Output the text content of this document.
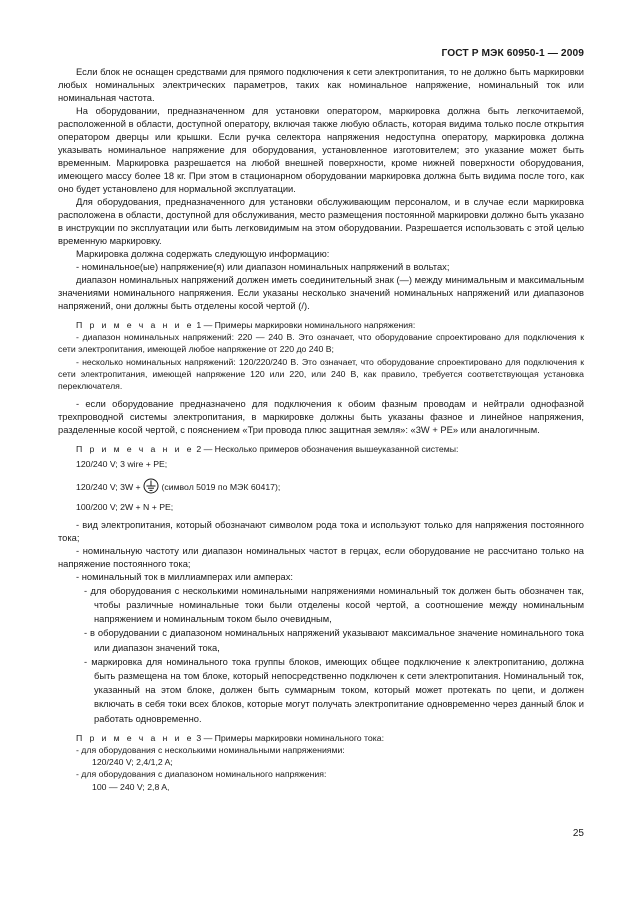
ГОСТ Р МЭК 60950-1 — 2009

Если блок не оснащен средствами для прямого подключения к сети электропитания, то не должно быть маркировки любых номинальных электрических параметров, таких как номинальное напряжение, номинальный ток или номинальная частота.

На оборудовании, предназначенном для установки оператором, маркировка должна быть легкочитаемой, расположенной в области, доступной оператору, включая также любую область, которая видима только после открытия оператором дверцы или крышки. Если ручка селектора напряжения недоступна оператору, маркировка должна указывать номинальное напряжение для оборудования, установленное изготовителем; это указание может быть временным. Маркировка разрешается на любой внешней поверхности, кроме нижней поверхности оборудования, имеющего массу более 18 кг. При этом в стационарном оборудовании маркировка должна быть видима после того, как оно будет установлено для нормальной эксплуатации.

Для оборудования, предназначенного для установки обслуживающим персоналом, и в случае если маркировка расположена в области, доступной для обслуживания, место размещения постоянной маркировки должно быть указано в инструкции по эксплуатации или быть легковидимым на этом оборудовании. Разрешается использовать с этой целью временную маркировку.

Маркировка должна содержать следующую информацию:

- номинальное(ые) напряжение(я) или диапазон номинальных напряжений в вольтах;

диапазон номинальных напряжений должен иметь соединительный знак (—) между минимальным и максимальным значениями номинального напряжения. Если указаны несколько значений номинальных напряжений или диапазонов напряжений, они должны быть отделены косой чертой (/).

П р и м е ч а н и е 1 — Примеры маркировки номинального напряжения:

- диапазон номинальных напряжений: 220 — 240 В. Это означает, что оборудование спроектировано для подключения к сети электропитания, имеющей любое напряжение от 220 до 240 В;

- несколько номинальных напряжений: 120/220/240 В. Это означает, что оборудование спроектировано для подключения к сети электропитания, имеющей напряжение 120 или 220, или 240 В, как правило, требуется соответствующая установка переключателя.

- если оборудование предназначено для подключения к обоим фазным проводам и нейтрали однофазной трехпроводной системы электропитания, в маркировке должны быть указаны фазное и линейное напряжения, разделенные косой чертой, с пояснением «Три провода плюс защитная земля»: «3W + PE» или аналогичным.

П р и м е ч а н и е 2 — Несколько примеров обозначения вышеуказанной системы:

120/240 V; 3 wire + PE;

120/240 V; 3W +  (символ 5019 по МЭК 60417);

100/200 V; 2W + N + PE;

- вид электропитания, который обозначают символом рода тока и используют только для напряжения постоянного тока;

- номинальную частоту или диапазон номинальных частот в герцах, если оборудование не рассчитано только на напряжение постоянного тока;

- номинальный ток в миллиамперах или амперах:

- для оборудования с несколькими номинальными напряжениями номинальный ток должен быть обозначен так, чтобы различные номинальные токи были отделены косой чертой, а соотношение между номинальным напряжением и номинальным током было очевидным,

- в оборудовании с диапазоном номинальных напряжений указывают максимальное значение номинального тока или диапазон значений тока,

- маркировка для номинального тока группы блоков, имеющих общее подключение к электропитанию, должна быть размещена на том блоке, который непосредственно подключен к сети электропитания. Номинальный ток, указанный на этом блоке, должен быть суммарным током, который может протекать по цепи, и должен включать в себя токи всех блоков, которые могут получать электропитание одновременно через данный блок и работать одновременно.

П р и м е ч а н и е 3 — Примеры маркировки номинального тока:

- для оборудования с несколькими номинальными напряжениями:

120/240 V; 2,4/1,2 A;

- для оборудования с диапазоном номинального напряжения:

100 — 240 V; 2,8 A,

25
